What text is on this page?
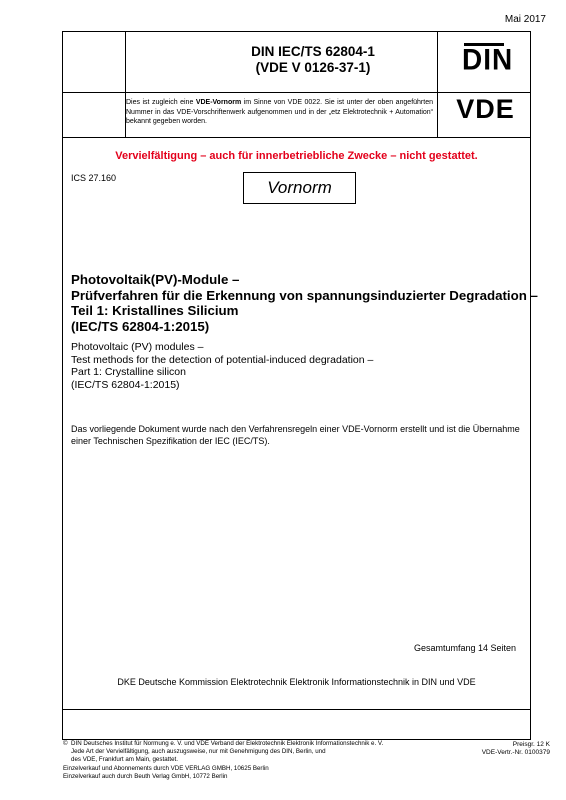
Mai 2017
DIN IEC/TS 62804-1
(VDE V 0126-37-1)	DIN
Dies ist zugleich eine VDE-Vornorm im Sinne von VDE 0022. Sie ist unter der oben angeführten Nummer in das VDE-Vorschriftenwerk aufgenommen und in der „etz Elektrotechnik + Automation“ bekannt gegeben worden.	VDE
Vervielfältigung – auch für innerbetriebliche Zwecke – nicht gestattet.
ICS 27.160	Vornorm
Photovoltaik(PV)-Module –
Prüfverfahren für die Erkennung von spannungsinduzierter Degradation –
Teil 1: Kristallines Silicium
(IEC/TS 62804-1:2015)
Photovoltaic (PV) modules –
Test methods for the detection of potential-induced degradation –
Part 1: Crystalline silicon
(IEC/TS 62804-1:2015)
Das vorliegende Dokument wurde nach den Verfahrensregeln einer VDE-Vornorm erstellt und ist die Übernahme einer Technischen Spezifikation der IEC (IEC/TS).
Gesamtumfang 14 Seiten
DKE Deutsche Kommission Elektrotechnik Elektronik Informationstechnik in DIN und VDE
© DIN Deutsches Institut für Normung e. V. und VDE Verband der Elektrotechnik Elektronik Informationstechnik e. V.
Jede Art der Vervielfältigung, auch auszugsweise, nur mit Genehmigung des DIN, Berlin, und
des VDE, Frankfurt am Main, gestattet.
Einzelverkauf und Abonnements durch VDE VERLAG GMBH, 10625 Berlin
Einzelverkauf auch durch Beuth Verlag GmbH, 10772 Berlin
Preisgr. 12 K
VDE-Vertr.-Nr. 0100379
